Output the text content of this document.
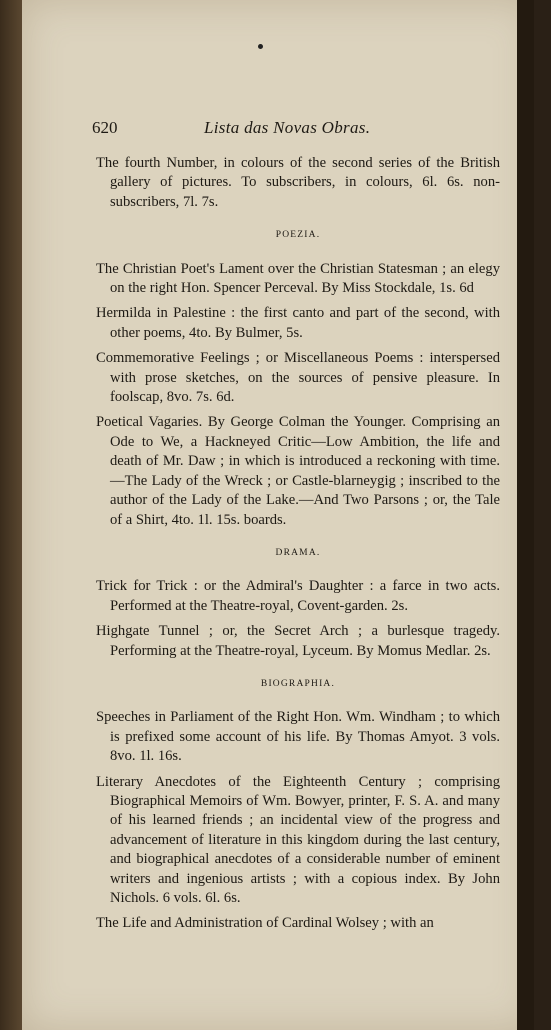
620	Lista das Novas Obras.

The fourth Number, in colours of the second series of the British gallery of pictures. To subscribers, in colours, 6l. 6s. non-subscribers, 7l. 7s.

POEZIA.

The Christian Poet's Lament over the Christian Statesman ; an elegy on the right Hon. Spencer Perceval. By Miss Stockdale, 1s. 6d

Hermilda in Palestine : the first canto and part of the second, with other poems, 4to. By Bulmer, 5s.

Commemorative Feelings ; or Miscellaneous Poems : interspersed with prose sketches, on the sources of pensive pleasure. In foolscap, 8vo. 7s. 6d.

Poetical Vagaries. By George Colman the Younger. Comprising an Ode to We, a Hackneyed Critic—Low Ambition, the life and death of Mr. Daw ; in which is introduced a reckoning with time.—The Lady of the Wreck ; or Castle-blarneygig ; inscribed to the author of the Lady of the Lake.—And Two Parsons ; or, the Tale of a Shirt, 4to. 1l. 15s. boards.

DRAMA.

Trick for Trick : or the Admiral's Daughter : a farce in two acts. Performed at the Theatre-royal, Covent-garden. 2s.

Highgate Tunnel ; or, the Secret Arch ; a burlesque tragedy. Performing at the Theatre-royal, Lyceum. By Momus Medlar. 2s.

BIOGRAPHIA.

Speeches in Parliament of the Right Hon. Wm. Windham ; to which is prefixed some account of his life. By Thomas Amyot. 3 vols. 8vo. 1l. 16s.

Literary Anecdotes of the Eighteenth Century ; comprising Biographical Memoirs of Wm. Bowyer, printer, F. S. A. and many of his learned friends ; an incidental view of the progress and advancement of literature in this kingdom during the last century, and biographical anecdotes of a considerable number of eminent writers and ingenious artists ; with a copious index. By John Nichols. 6 vols. 6l. 6s.

The Life and Administration of Cardinal Wolsey ; with an
